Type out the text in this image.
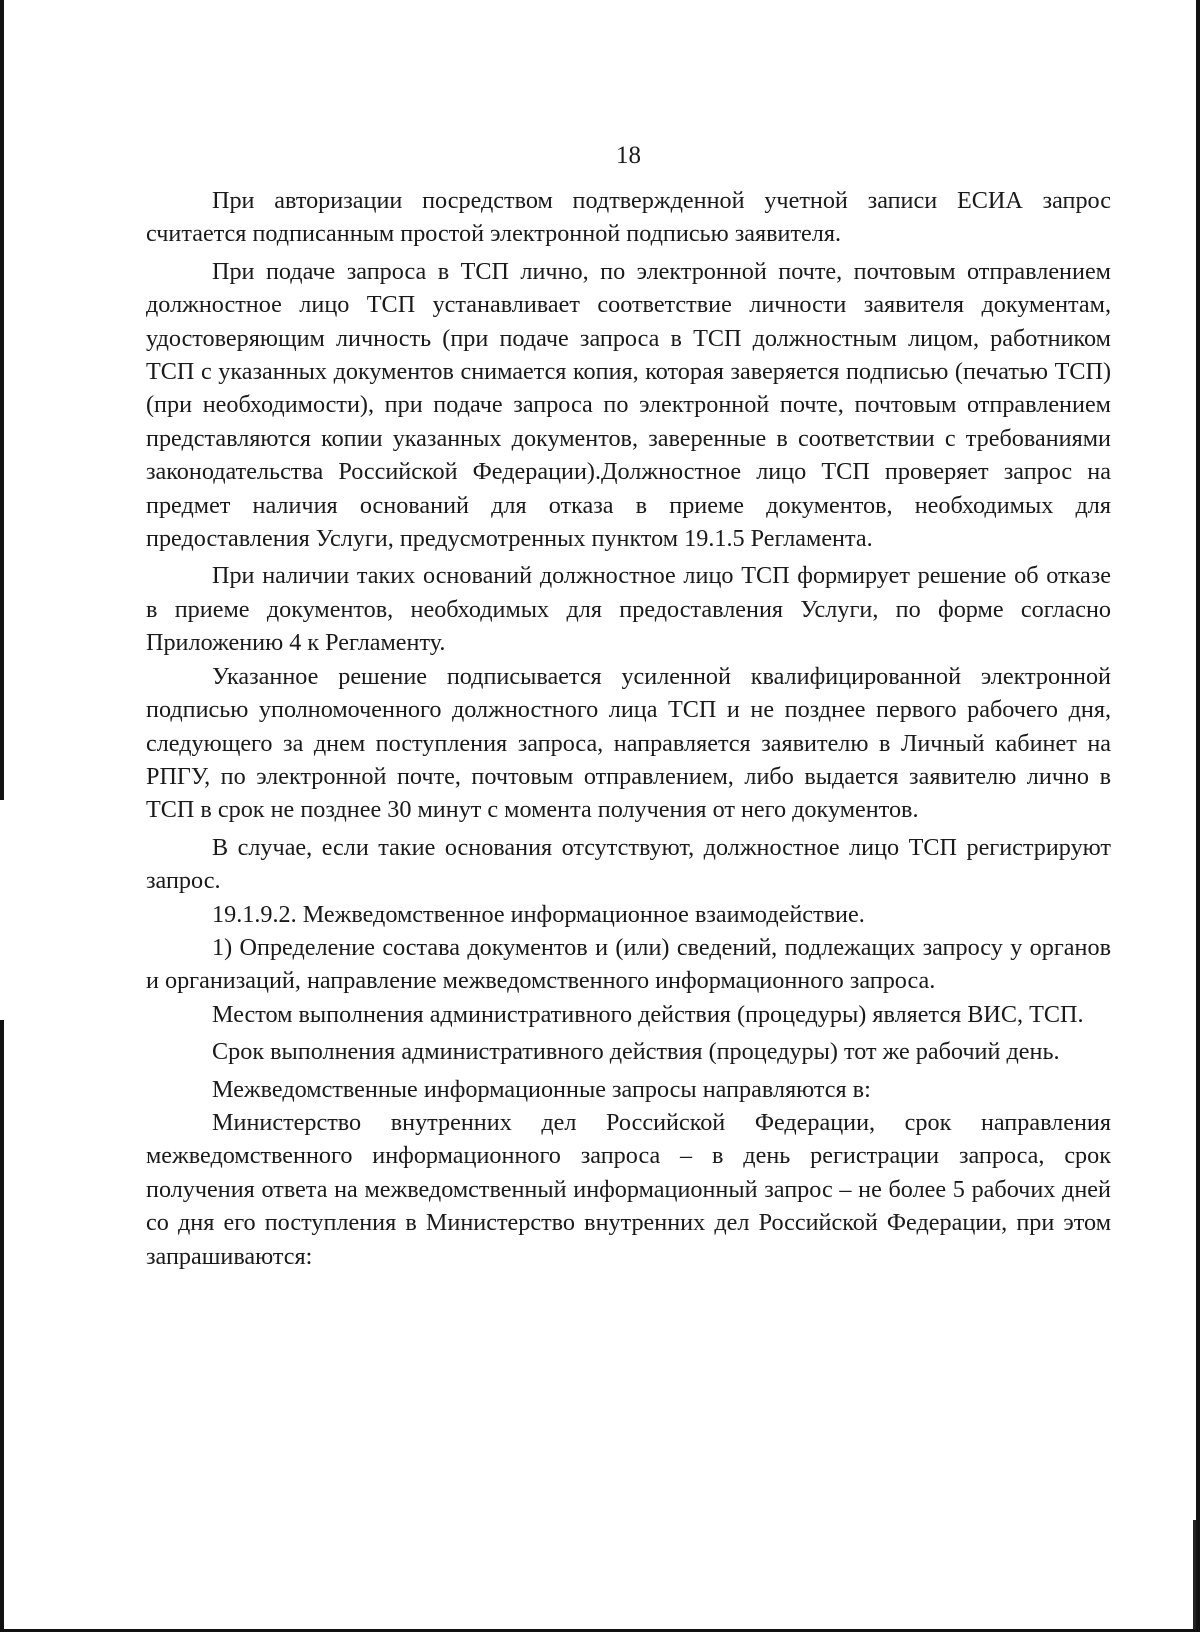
18

При авторизации посредством подтвержденной учетной записи ЕСИА запрос считается подписанным простой электронной подписью заявителя.

При подаче запроса в ТСП лично, по электронной почте, почтовым отправлением должностное лицо ТСП устанавливает соответствие личности заявителя документам, удостоверяющим личность (при подаче запроса в ТСП должностным лицом, работником ТСП с указанных документов снимается копия, которая заверяется подписью (печатью ТСП) (при необходимости), при подаче запроса по электронной почте, почтовым отправлением представляются копии указанных документов, заверенные в соответствии с требованиями законодательства Российской Федерации).Должностное лицо ТСП проверяет запрос на предмет наличия оснований для отказа в приеме документов, необходимых для предоставления Услуги, предусмотренных пунктом 19.1.5 Регламента.

При наличии таких оснований должностное лицо ТСП формирует решение об отказе в приеме документов, необходимых для предоставления Услуги, по форме согласно Приложению 4 к Регламенту.

Указанное решение подписывается усиленной квалифицированной электронной подписью уполномоченного должностного лица ТСП и не позднее первого рабочего дня, следующего за днем поступления запроса, направляется заявителю в Личный кабинет на РПГУ, по электронной почте, почтовым отправлением, либо выдается заявителю лично в ТСП в срок не позднее 30 минут с момента получения от него документов.

В случае, если такие основания отсутствуют, должностное лицо ТСП регистрируют запрос.

19.1.9.2. Межведомственное информационное взаимодействие.

1) Определение состава документов и (или) сведений, подлежащих запросу у органов и организаций, направление межведомственного информационного запроса.

Местом выполнения административного действия (процедуры) является ВИС, ТСП.

Срок выполнения административного действия (процедуры) тот же рабочий день.

Межведомственные информационные запросы направляются в:

Министерство внутренних дел Российской Федерации, срок направления межведомственного информационного запроса – в день регистрации запроса, срок получения ответа на межведомственный информационный запрос – не более 5 рабочих дней со дня его поступления в Министерство внутренних дел Российской Федерации, при этом запрашиваются:
